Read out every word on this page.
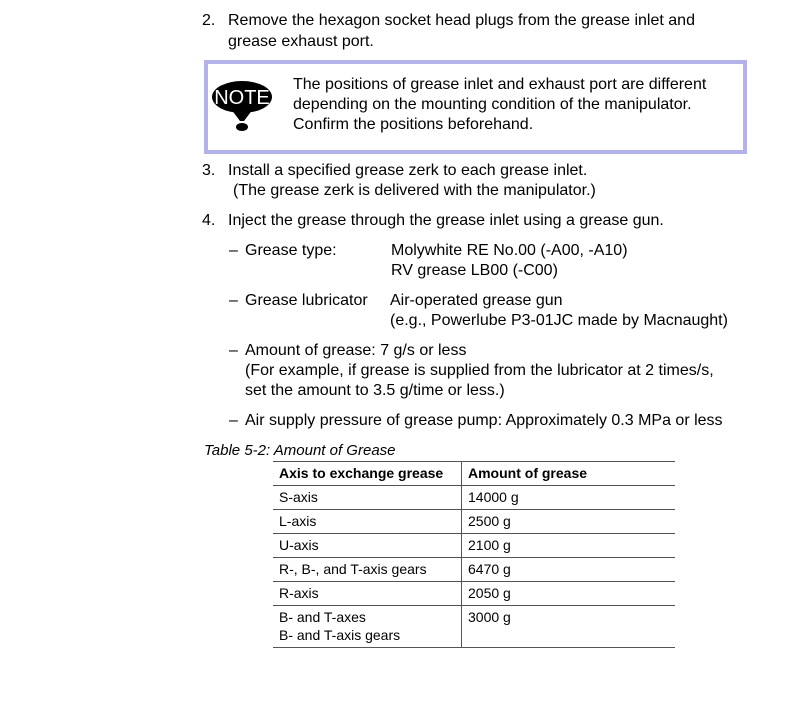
2. Remove the hexagon socket head plugs from the grease inlet and
grease exhaust port.
NOTE
The positions of grease inlet and exhaust port are different
depending on the mounting condition of the manipulator.
Confirm the positions beforehand.
3. Install a specified grease zerk to each grease inlet.
(The grease zerk is delivered with the manipulator.)
4. Inject the grease through the grease inlet using a grease gun.
– Grease type:	Molywhite RE No.00 (-A00, -A10)
RV grease LB00 (-C00)
– Grease lubricator Air-operated grease gun
(e.g., Powerlube P3-01JC made by Macnaught)
– Amount of grease: 7 g/s or less
(For example, if grease is supplied from the lubricator at 2 times/s,
set the amount to 3.5 g/time or less.)
– Air supply pressure of grease pump: Approximately 0.3 MPa or less
Table 5-2: Amount of Grease
Axis to exchange grease	Amount of grease

S-axis	14000 g

L-axis	2500 g

U-axis	2100 g

R-, B-, and T-axis gears	6470 g

R-axis	2050 g

B- and T-axes
B- and T-axis gears	3000 g
